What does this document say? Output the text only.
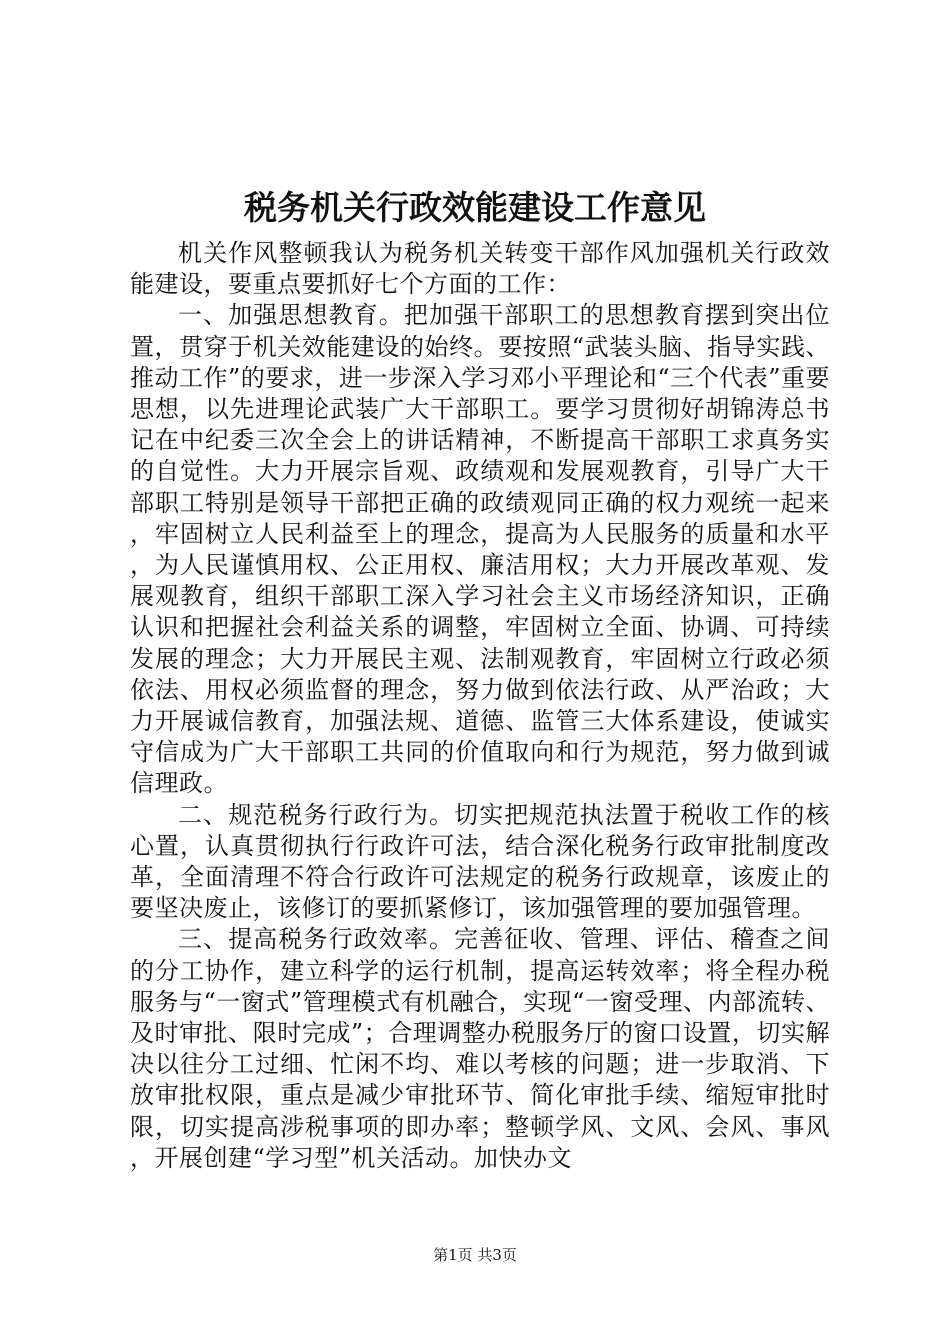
税务机关行政效能建设工作意见

机关作风整顿我认为税务机关转变干部作风加强机关行政效能建设，要重点要抓好七个方面的工作：

一、加强思想教育。把加强干部职工的思想教育摆到突出位置，贯穿于机关效能建设的始终。要按照“武装头脑、指导实践、推动工作”的要求，进一步深入学习邓小平理论和“三个代表”重要思想，以先进理论武装广大干部职工。要学习贯彻好胡锦涛总书记在中纪委三次全会上的讲话精神，不断提高干部职工求真务实的自觉性。大力开展宗旨观、政绩观和发展观教育，引导广大干部职工特别是领导干部把正确的政绩观同正确的权力观统一起来，牢固树立人民利益至上的理念，提高为人民服务的质量和水平，为人民谨慎用权、公正用权、廉洁用权；大力开展改革观、发展观教育，组织干部职工深入学习社会主义市场经济知识，正确认识和把握社会利益关系的调整，牢固树立全面、协调、可持续发展的理念；大力开展民主观、法制观教育，牢固树立行政必须依法、用权必须监督的理念，努力做到依法行政、从严治政；大力开展诚信教育，加强法规、道德、监管三大体系建设，使诚实守信成为广大干部职工共同的价值取向和行为规范，努力做到诚信理政。

二、规范税务行政行为。切实把规范执法置于税收工作的核心置，认真贯彻执行行政许可法，结合深化税务行政审批制度改革，全面清理不符合行政许可法规定的税务行政规章，该废止的要坚决废止，该修订的要抓紧修订，该加强管理的要加强管理。

三、提高税务行政效率。完善征收、管理、评估、稽查之间的分工协作，建立科学的运行机制，提高运转效率；将全程办税服务与“一窗式”管理模式有机融合，实现“一窗受理、内部流转、及时审批、限时完成”；合理调整办税服务厅的窗口设置，切实解决以往分工过细、忙闲不均、难以考核的问题；进一步取消、下放审批权限，重点是减少审批环节、简化审批手续、缩短审批时限，切实提高涉税事项的即办率；整顿学风、文风、会风、事风，开展创建“学习型”机关活动。加快办文

第1页 共3页
